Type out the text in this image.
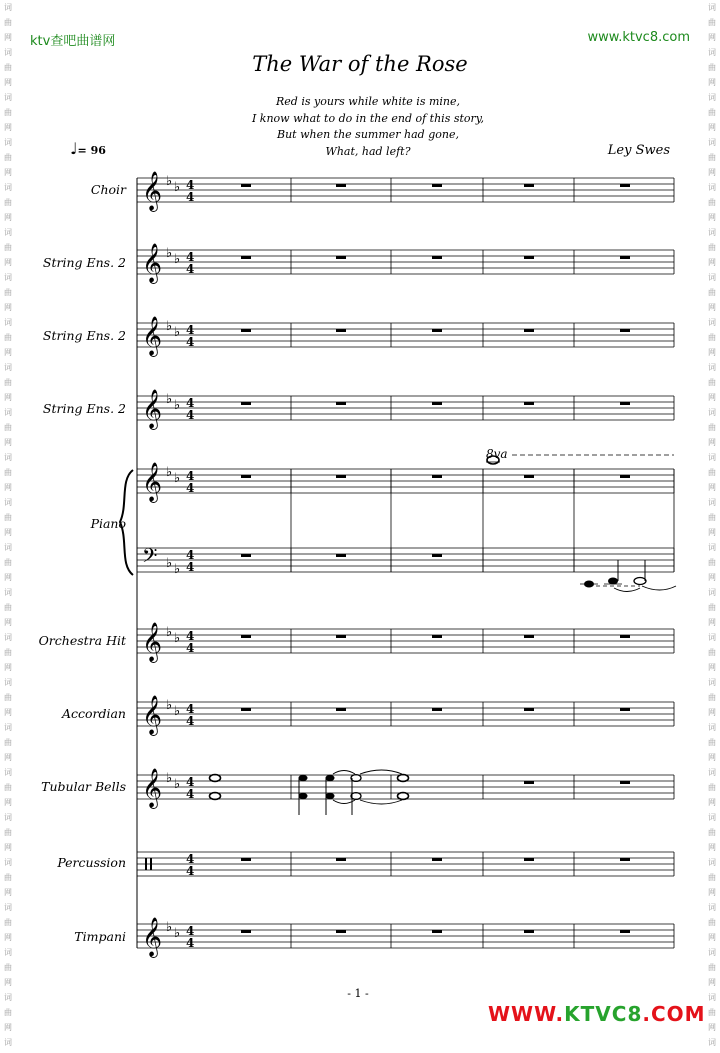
词
曲
网
词
曲
网
词
曲
网
词
曲
网
词
曲
网
词
曲
网
词
曲
网
词
曲
网
词
曲
网
词
曲
网
词
曲
网
词
曲
网
词
曲
网
词
曲
网
词
曲
网
词
曲
网
词
曲
网
词
曲
网
词
曲
网
词
曲
网
词
曲
网
词
曲
网
词
曲
网
词
词
曲
网
词
曲
网
词
曲
网
词
曲
网
词
曲
网
词
曲
网
词
曲
网
词
曲
网
词
曲
网
词
曲
网
词
曲
网
词
曲
网
词
曲
网
词
曲
网
词
曲
网
词
曲
网
词
曲
网
词
曲
网
词
曲
网
词
曲
网
词
曲
网
词
曲
网
词
曲
网
词
ktv查吧曲谱网	www.ktvc8.com
The War of the Rose
Red is yours while white is mine,
I know what to do in the end of this story,
But when the summer had gone,
What, had left?	Ley Swes
♩= 96
Choir
String Ens. 2
String Ens. 2
String Ens. 2
Piano
Orchestra Hit
Accordian
Tubular Bells
Percussion
Timpani
𝄞 ♭ ♭ 4
4
𝄞 ♭ ♭ 4
4
𝄞 ♭ ♭ 4
4
𝄞 ♭ ♭ 4
4
𝄞 ♭ ♭ 4
4
𝄢 ♭ ♭
4
4
𝄞 ♭ ♭ 4
4
𝄞 ♭ ♭ 4
4
𝄞 ♭ ♭ 4
4
4
4
𝄞 ♭ ♭ 4
4
8va
- 1 -
WWW.KTVC8.COM
